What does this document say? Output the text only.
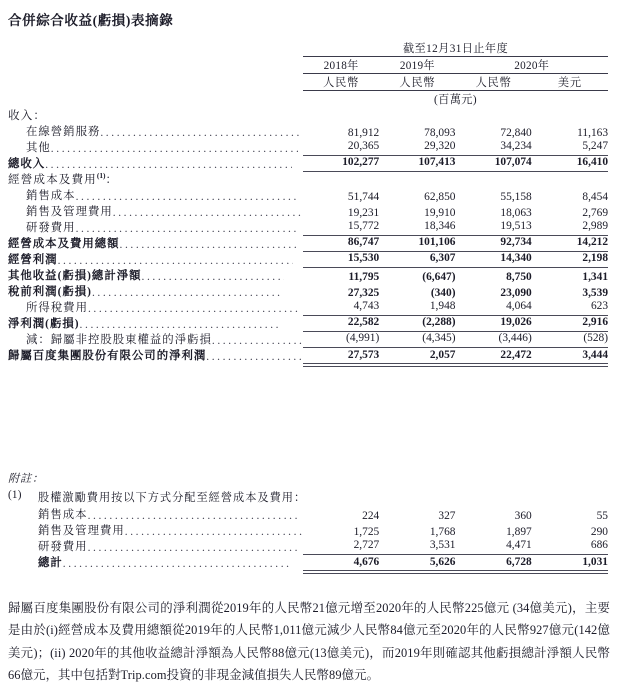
合併綜合收益(虧損)表摘錄
	截至12月31日止年度			
	2018年	2019年	2020年	
	人民幣	人民幣	人民幣	美元
	(百萬元)			
收入：				
在線營銷服務.....	81,912	78,093	72,840	11,163
其他.....	20,365	29,320	34,234	5,247
總收入.....	102,277	107,413	107,074	16,410
經營成本及費用$^{(1)}$：				
銷售成本.....	51,744	62,850	55,158	8,454
銷售及管理費用.....	19,231	19,910	18,063	2,769
研發費用.....	15,772	18,346	19,513	2,989
經營成本及費用總額.....	86,747	101,106	92,734	14,212
經營利潤.....	15,530	6,307	14,340	2,198
其他收益(虧損)總計淨額.....	11,795	(6,647)	8,750	1,341
稅前利潤(虧損).....	27,325	(340)	23,090	3,539
所得稅費用.....	4,743	1,948	4,064	623
淨利潤(虧損).....	22,582	(2,288)	19,026	2,916
減：歸屬非控股股東權益的淨虧損.....	(4,991)	(4,345)	(3,446)	(528)
歸屬百度集團股份有限公司的淨利潤.....	27,573	2,057	22,472	3,444
附註：
(1) 股權激勵費用按以下方式分配至經營成本及費用：
銷售成本.....	224	327	360	55
銷售及管理費用.....	1,725	1,768	1,897	290
研發費用.....	2,727	3,531	4,471	686
總計.....	4,676	5,626	6,728	1,031
歸屬百度集團股份有限公司的淨利潤從2019年的人民幣21億元增至2020年的人民幣225億元 (34億美元)，主要是由於(i)經營成本及費用總額從2019年的人民幣1,011億元減少人民幣84億元至2020年的人民幣927億元(142億美元)；(ii) 2020年的其他收益總計淨額為人民幣88億元(13億美元)，而2019年則確認其他虧損總計淨額人民幣66億元，其中包括對Trip.com投資的非現金減值損失人民幣89億元。
